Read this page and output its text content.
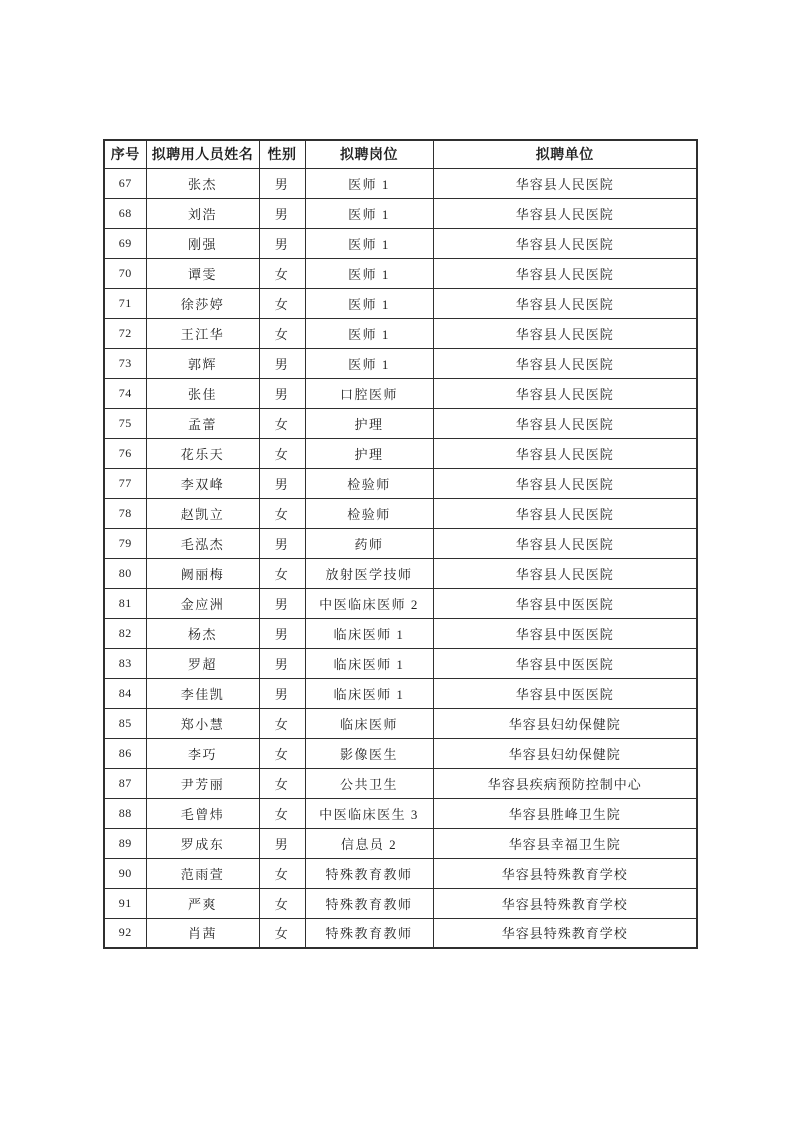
序号	拟聘用人员姓名	性别	拟聘岗位	拟聘单位
67	张杰	男	医师 1	华容县人民医院
68	刘浩	男	医师 1	华容县人民医院
69	刚强	男	医师 1	华容县人民医院
70	谭雯	女	医师 1	华容县人民医院
71	徐莎婷	女	医师 1	华容县人民医院
72	王江华	女	医师 1	华容县人民医院
73	郭辉	男	医师 1	华容县人民医院
74	张佳	男	口腔医师	华容县人民医院
75	孟蕾	女	护理	华容县人民医院
76	花乐天	女	护理	华容县人民医院
77	李双峰	男	检验师	华容县人民医院
78	赵凯立	女	检验师	华容县人民医院
79	毛泓杰	男	药师	华容县人民医院
80	阙丽梅	女	放射医学技师	华容县人民医院
81	金应洲	男	中医临床医师 2	华容县中医医院
82	杨杰	男	临床医师 1	华容县中医医院
83	罗超	男	临床医师 1	华容县中医医院
84	李佳凯	男	临床医师 1	华容县中医医院
85	郑小慧	女	临床医师	华容县妇幼保健院
86	李巧	女	影像医生	华容县妇幼保健院
87	尹芳丽	女	公共卫生	华容县疾病预防控制中心
88	毛曾炜	女	中医临床医生 3	华容县胜峰卫生院
89	罗成东	男	信息员 2	华容县幸福卫生院
90	范雨萱	女	特殊教育教师	华容县特殊教育学校
91	严爽	女	特殊教育教师	华容县特殊教育学校
92	肖茜	女	特殊教育教师	华容县特殊教育学校
